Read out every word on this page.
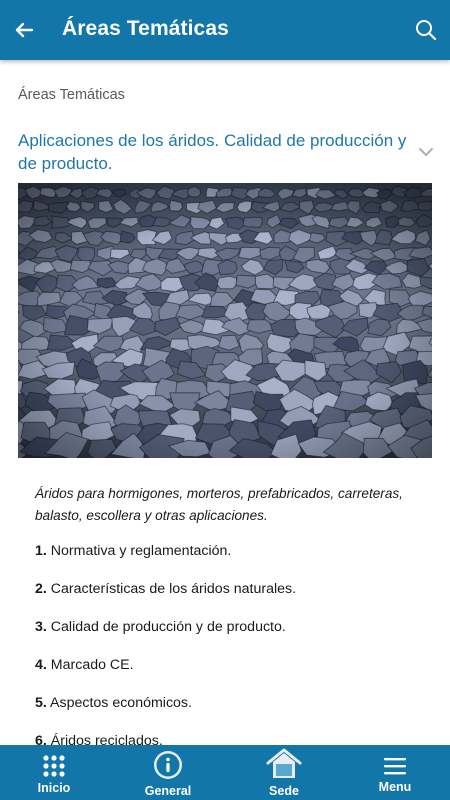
Áreas Temáticas
Áreas Temáticas
Aplicaciones de los áridos. Calidad de producción y de producto.
Áridos para hormigones, morteros, prefabricados, carreteras, balasto, escollera y otras aplicaciones.
1. Normativa y reglamentación.
2. Características de los áridos naturales.
3. Calidad de producción y de producto.
4. Marcado CE.
5. Aspectos económicos.
6. Áridos reciclados.
Inicio	General	Sede	Menu
